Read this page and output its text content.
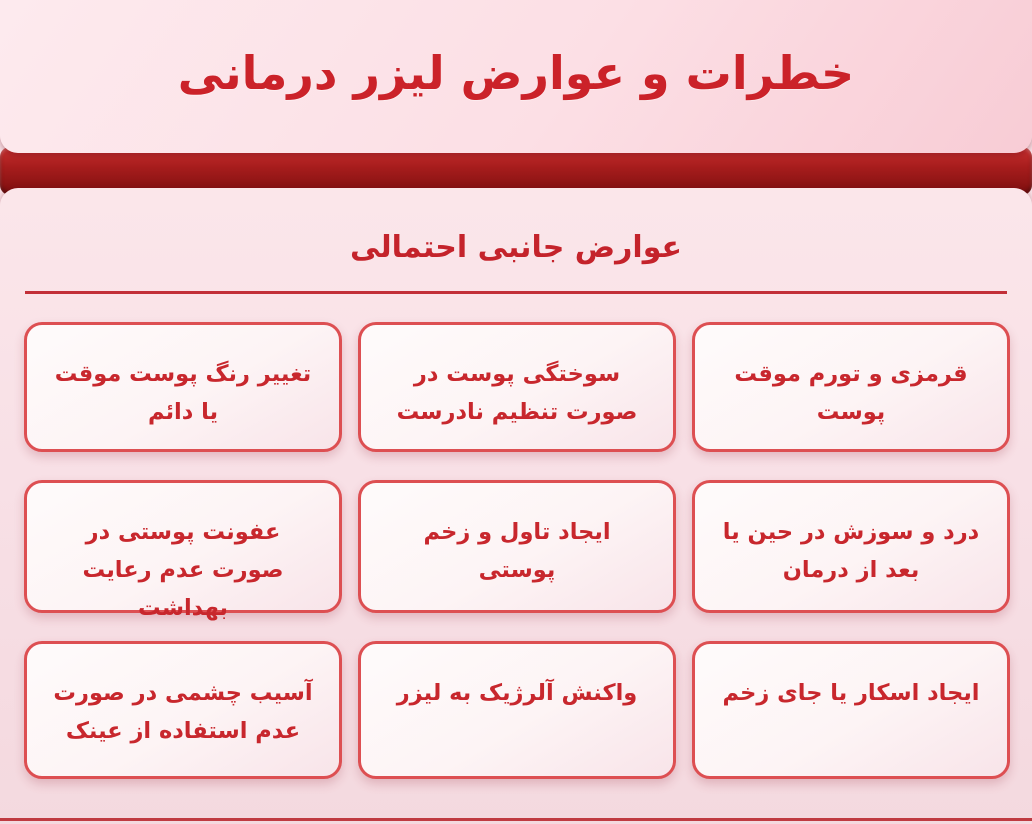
خطرات و عوارض لیزر درمانی
عوارض جانبی احتمالی
قرمزی و تورم موقت پوست
سوختگی پوست در صورت تنظیم نادرست
تغییر رنگ پوست موقت یا دائم
درد و سوزش در حین یا بعد از درمان
ایجاد تاول و زخم پوستی
عفونت پوستی در صورت عدم رعایت بهداشت
ایجاد اسکار یا جای زخم
واکنش آلرژیک به لیزر
آسیب چشمی در صورت عدم استفاده از عینک
